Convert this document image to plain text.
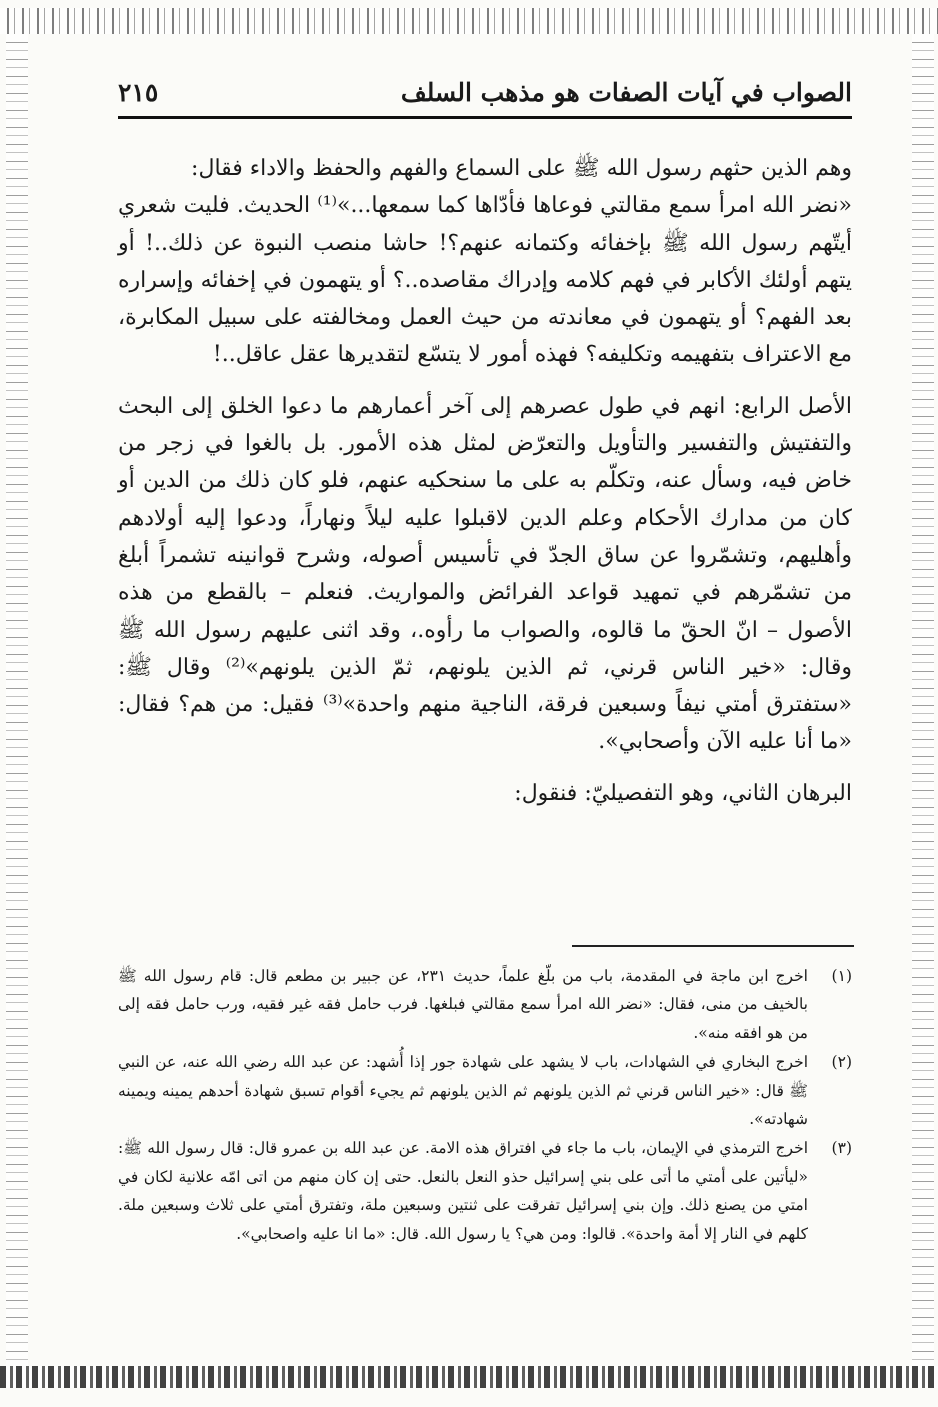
الصواب في آيات الصفات هو مذهب السلف
٢١٥

وهم الذين حثهم رسول الله ﷺ على السماع والفهم والحفظ والاداء فقال:

«نضر الله امرأ سمع مقالتي فوعاها فأدّاها كما سمعها...»⁽¹⁾ الحديث. فليت شعري أيتّهم رسول الله ﷺ بإخفائه وكتمانه عنهم؟! حاشا منصب النبوة عن ذلك..! أو يتهم أولئك الأكابر في فهم كلامه وإدراك مقاصده..؟ أو يتهمون في إخفائه وإسراره بعد الفهم؟ أو يتهمون في معاندته من حيث العمل ومخالفته على سبيل المكابرة، مع الاعتراف بتفهيمه وتكليفه؟ فهذه أمور لا يتسّع لتقديرها عقل عاقل..!

الأصل الرابع: انهم في طول عصرهم إلى آخر أعمارهم ما دعوا الخلق إلى البحث والتفتيش والتفسير والتأويل والتعرّض لمثل هذه الأمور. بل بالغوا في زجر من خاض فيه، وسأل عنه، وتكلّم به على ما سنحكيه عنهم، فلو كان ذلك من الدين أو كان من مدارك الأحكام وعلم الدين لاقبلوا عليه ليلاً ونهاراً، ودعوا إليه أولادهم وأهليهم، وتشمّروا عن ساق الجدّ في تأسيس أصوله، وشرح قوانينه تشمراً أبلغ من تشمّرهم في تمهيد قواعد الفرائض والمواريث. فنعلم – بالقطع من هذه الأصول – انّ الحقّ ما قالوه، والصواب ما رأوه.، وقد اثنى عليهم رسول الله ﷺ وقال: «خير الناس قرني، ثم الذين يلونهم، ثمّ الذين يلونهم»⁽²⁾ وقال ﷺ: «ستفترق أمتي نيفاً وسبعين فرقة، الناجية منهم واحدة»⁽³⁾ فقيل: من هم؟ فقال: «ما أنا عليه الآن وأصحابي».

البرهان الثاني، وهو التفصيليّ: فنقول:

(١)
اخرج ابن ماجة في المقدمة، باب من بلّغ علماً، حديث ٢٣١، عن جبير بن مطعم قال: قام رسول الله ﷺ بالخيف من منى، فقال: «نضر الله امرأ سمع مقالتي فبلغها. فرب حامل فقه غير فقيه، ورب حامل فقه إلى من هو افقه منه».
(٢)
اخرج البخاري في الشهادات، باب لا يشهد على شهادة جور إذا أُشهد: عن عبد الله رضي الله عنه، عن النبي ﷺ قال: «خير الناس قرني ثم الذين يلونهم ثم الذين يلونهم ثم يجيء أقوام تسبق شهادة أحدهم يمينه ويمينه شهادته».
(٣)
اخرج الترمذي في الإيمان، باب ما جاء في افتراق هذه الامة. عن عبد الله بن عمرو قال: قال رسول الله ﷺ: «ليأتين على أمتي ما أتى على بني إسرائيل حذو النعل بالنعل. حتى إن كان منهم من اتى امّه علانية لكان في امتي من يصنع ذلك. وإن بني إسرائيل تفرقت على ثنتين وسبعين ملة، وتفترق أمتي على ثلاث وسبعين ملة. كلهم في النار إلا أمة واحدة». قالوا: ومن هي؟ يا رسول الله. قال: «ما انا عليه واصحابي».
